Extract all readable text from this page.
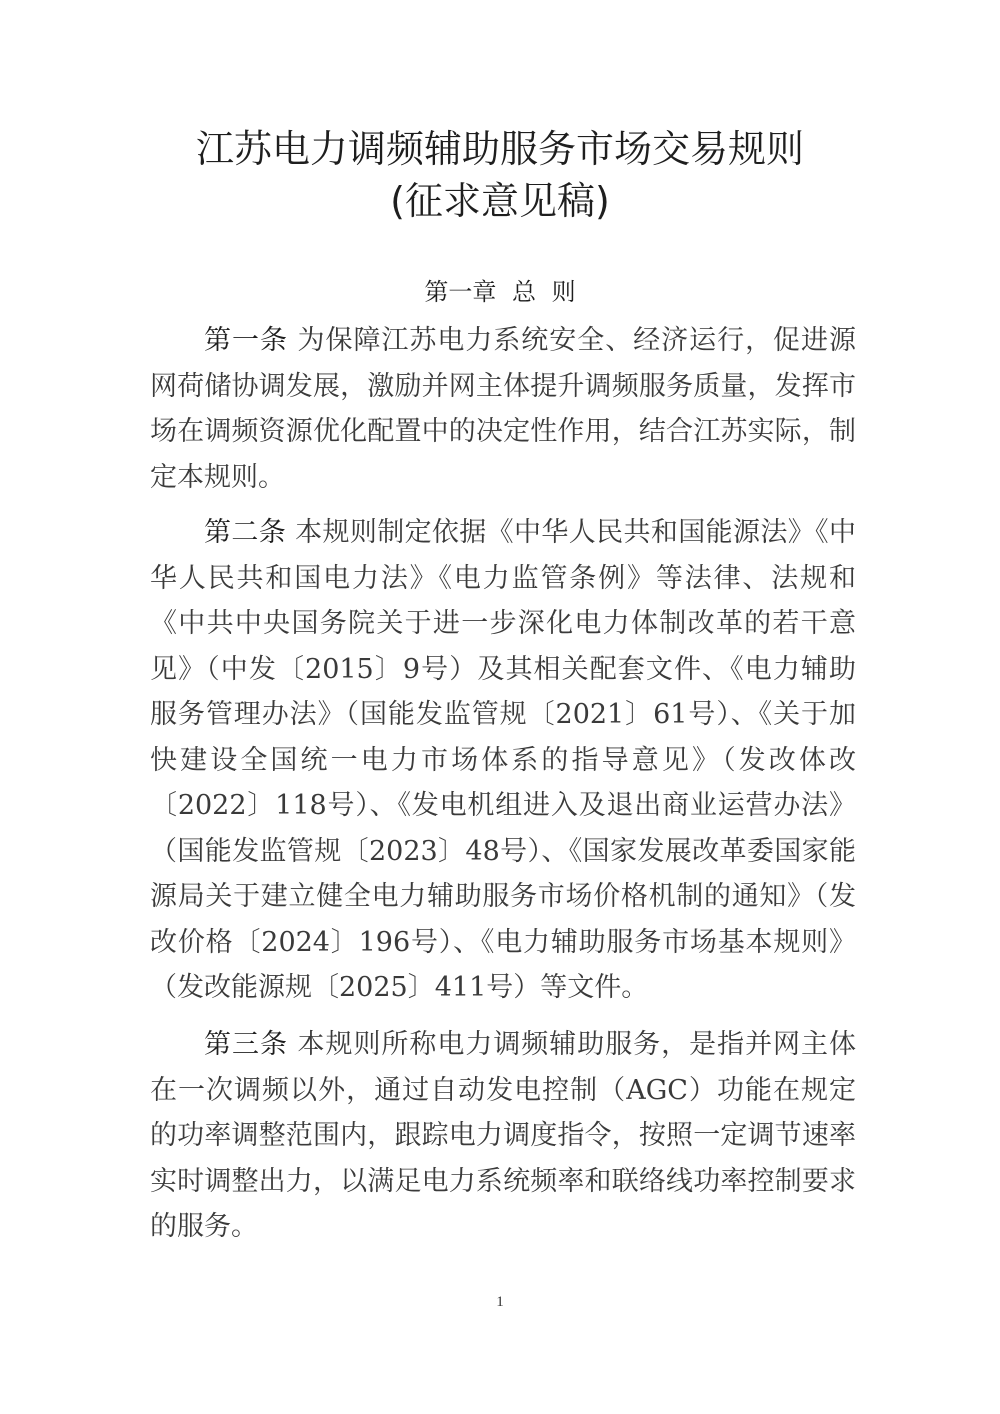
江苏电力调频辅助服务市场交易规则
(征求意见稿)
第一章 总 则
第一条 为保障江苏电力系统安全、经济运行，促进源网荷储协调发展，激励并网主体提升调频服务质量，发挥市场在调频资源优化配置中的决定性作用，结合江苏实际，制定本规则。
第二条 本规则制定依据《中华人民共和国能源法》《中华人民共和国电力法》《电力监管条例》等法律、法规和《中共中央国务院关于进一步深化电力体制改革的若干意见》（中发〔2015〕9号）及其相关配套文件、《电力辅助服务管理办法》（国能发监管规〔2021〕61号）、《关于加快建设全国统一电力市场体系的指导意见》（发改体改〔2022〕118号）、《发电机组进入及退出商业运营办法》（国能发监管规〔2023〕48号）、《国家发展改革委国家能源局关于建立健全电力辅助服务市场价格机制的通知》（发改价格〔2024〕196号）、《电力辅助服务市场基本规则》（发改能源规〔2025〕411号）等文件。
第三条 本规则所称电力调频辅助服务，是指并网主体在一次调频以外，通过自动发电控制（AGC）功能在规定的功率调整范围内，跟踪电力调度指令，按照一定调节速率实时调整出力，以满足电力系统频率和联络线功率控制要求的服务。
1
